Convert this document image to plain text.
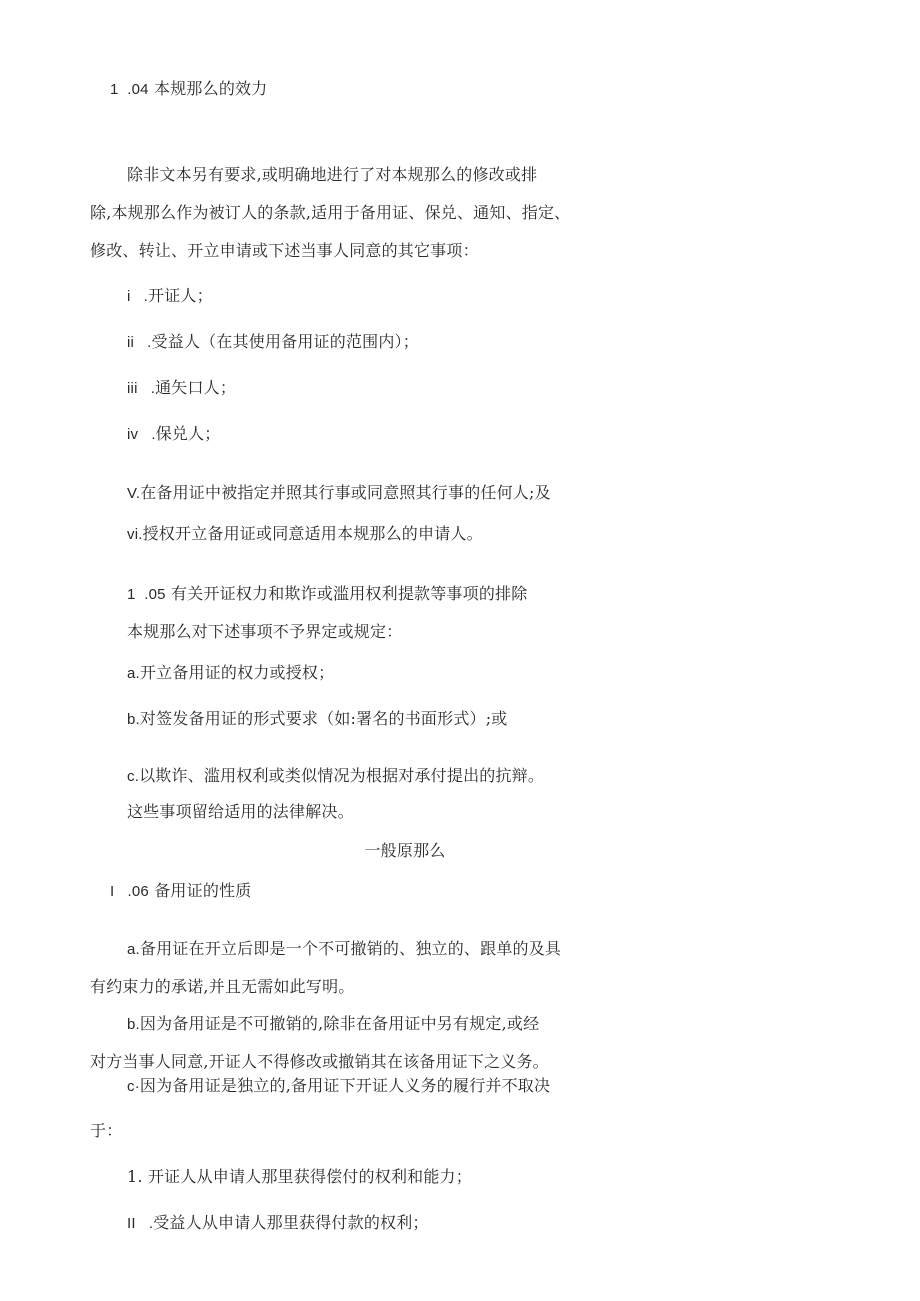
1  .04 本规那么的效力
除非文本另有要求,或明确地进行了对本规那么的修改或排
除,本规那么作为被订人的条款,适用于备用证、保兑、通知、指定、
修改、转让、开立申请或下述当事人同意的其它事项：
i   .开证人；
ii   .受益人（在其使用备用证的范围内）；
iii   .通矢口人；
iv   .保兑人；
V.在备用证中被指定并照其行事或同意照其行事的任何人;及
vi.授权开立备用证或同意适用本规那么的申请人。
1  .05 有关开证权力和欺诈或滥用权利提款等事项的排除
本规那么对下述事项不予界定或规定：
a.开立备用证的权力或授权；
b.对签发备用证的形式要求（如:署名的书面形式）;或
c.以欺诈、滥用权利或类似情况为根据对承付提出的抗辩。
这些事项留给适用的法律解决。
一般原那么
I   .06 备用证的性质
a.备用证在开立后即是一个不可撤销的、独立的、跟单的及具
有约束力的承诺,并且无需如此写明。
b.因为备用证是不可撤销的,除非在备用证中另有规定,或经
对方当事人同意,开证人不得修改或撤销其在该备用证下之义务。
c·因为备用证是独立的,备用证下开证人义务的履行并不取决
于：
1. 开证人从申请人那里获得偿付的权利和能力；
II   .受益人从申请人那里获得付款的权利；
